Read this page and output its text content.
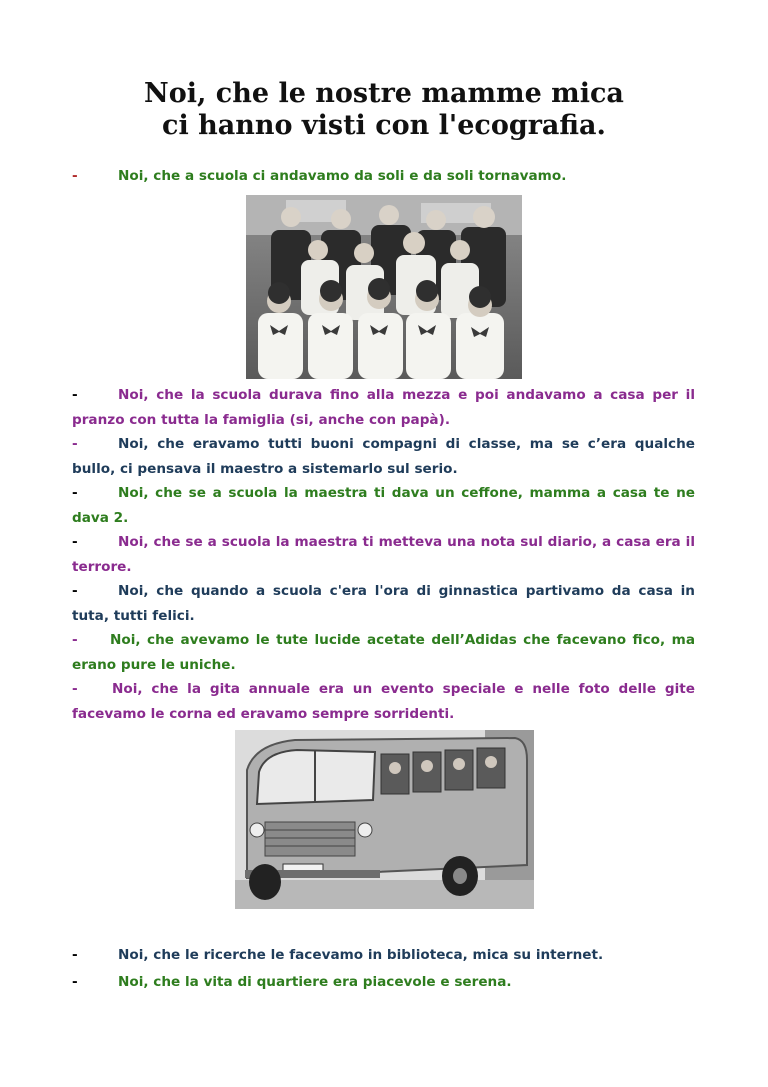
Noi, che le nostre mamme mica
ci hanno visti con l'ecografia.
-	Noi, che a scuola ci andavamo da soli e da soli tornavamo.
-	Noi, che la scuola durava fino alla mezza e poi andavamo a casa per il pranzo con tutta la famiglia (si, anche con papà).
-	Noi, che eravamo tutti buoni compagni di classe, ma se c’era qualche bullo, ci pensava il maestro a sistemarlo sul serio.
-	Noi, che se a scuola la maestra ti dava un ceffone, mamma a casa te ne dava 2.
-	Noi, che se a scuola la maestra ti metteva una nota sul diario, a casa era il terrore.
-	Noi, che quando a scuola c'era l'ora di ginnastica partivamo da casa in tuta, tutti felici.
- Noi, che avevamo le tute lucide acetate dell’Adidas che facevano fico, ma erano pure le uniche.
-	Noi, che la gita annuale era un evento speciale e nelle foto delle gite facevamo le corna ed eravamo sempre sorridenti.
-	Noi, che le ricerche le facevamo in biblioteca, mica su internet.
-	Noi, che la vita di quartiere era piacevole e serena.
